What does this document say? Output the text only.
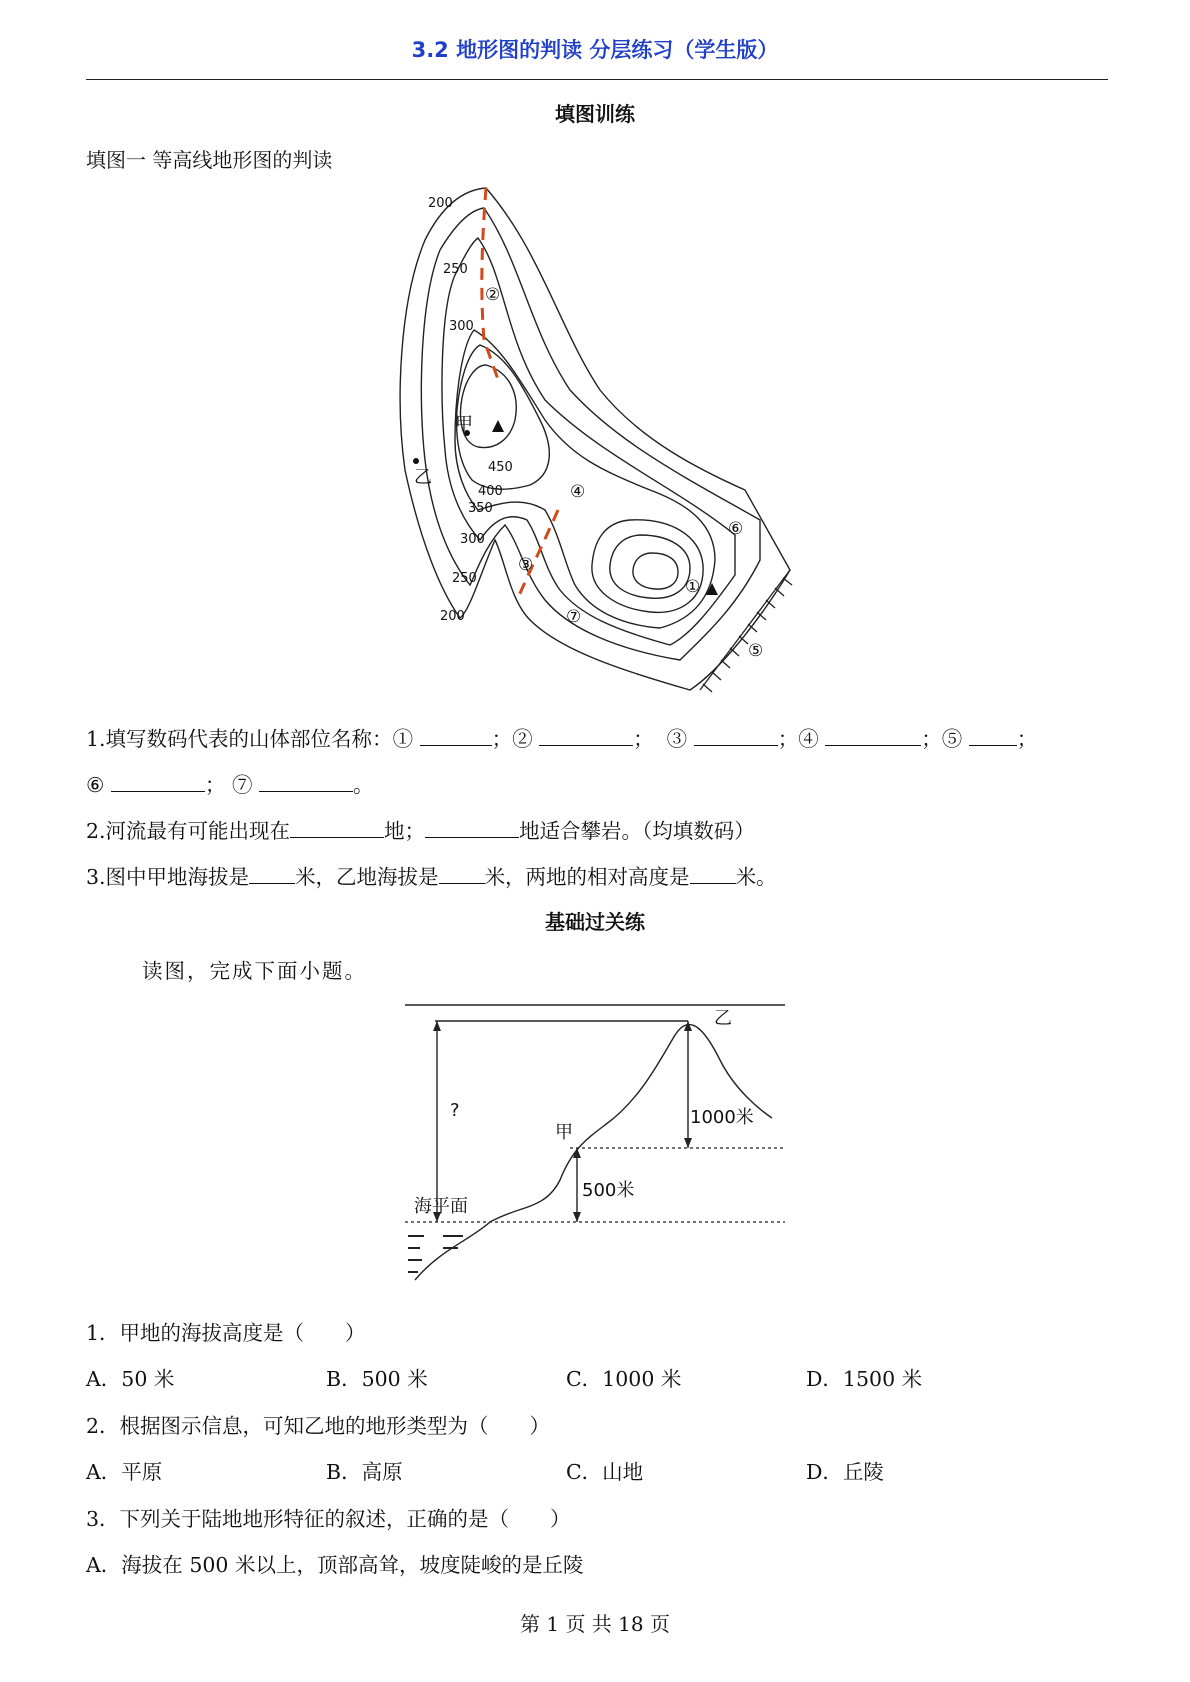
3.2 地形图的判读 分层练习（学生版）
填图训练
填图一 等高线地形图的判读
200
250
300
450
400
350
300
250
200
①
②
③
④
⑤
⑥
⑦
甲
乙
1.填写数码代表的山体部位名称：①	；②	； ③	；④	；⑤	；
⑥	； ⑦	。
2.河流最有可能出现在	地；	地适合攀岩。（均填数码）
3.图中甲地海拔是 米，乙地海拔是 米，两地的相对高度是 米。
基础过关练
读图，完成下面小题。
乙
?	1000米
甲
500米
海平面
1．甲地的海拔高度是（　　）
A．50 米	B．500 米	C．1000 米	D．1500 米
2．根据图示信息，可知乙地的地形类型为（　　）
A．平原	B．高原	C．山地	D．丘陵
3．下列关于陆地地形特征的叙述，正确的是（　　）
A．海拔在 500 米以上，顶部高耸，坡度陡峻的是丘陵
第 1 页 共 18 页
